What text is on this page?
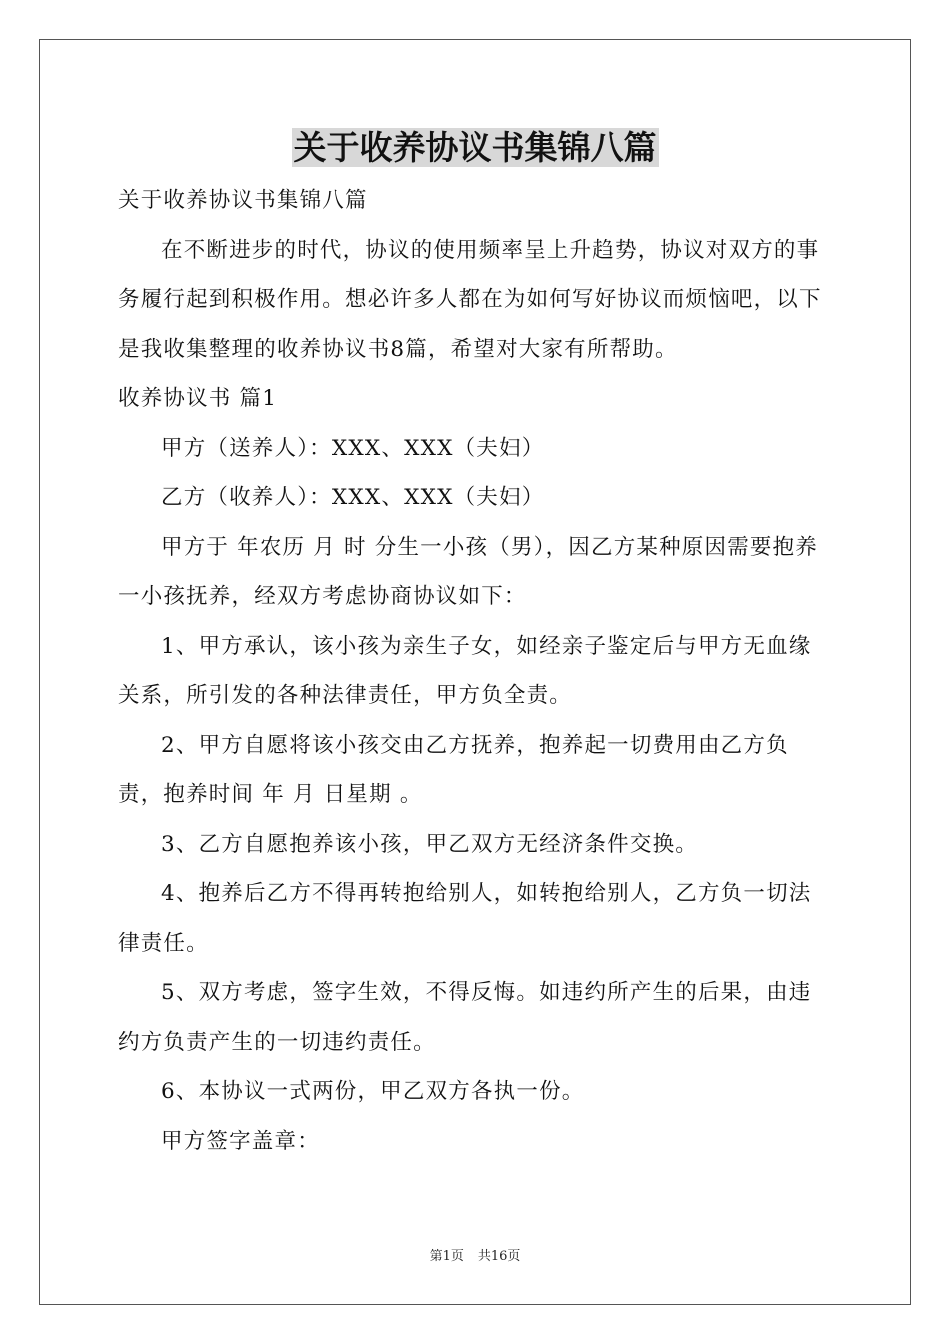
关于收养协议书集锦八篇

关于收养协议书集锦八篇

在不断进步的时代，协议的使用频率呈上升趋势，协议对双方的事务履行起到积极作用。想必许多人都在为如何写好协议而烦恼吧，以下是我收集整理的收养协议书8篇，希望对大家有所帮助。

收养协议书 篇1

甲方（送养人）：XXX、XXX（夫妇）

乙方（收养人）：XXX、XXX（夫妇）

甲方于 年农历 月 时 分生一小孩（男），因乙方某种原因需要抱养一小孩抚养，经双方考虑协商协议如下：

1、甲方承认，该小孩为亲生子女，如经亲子鉴定后与甲方无血缘关系，所引发的各种法律责任，甲方负全责。

2、甲方自愿将该小孩交由乙方抚养，抱养起一切费用由乙方负责，抱养时间 年 月 日星期 。

3、乙方自愿抱养该小孩，甲乙双方无经济条件交换。

4、抱养后乙方不得再转抱给别人，如转抱给别人，乙方负一切法律责任。

5、双方考虑，签字生效，不得反悔。如违约所产生的后果，由违约方负责产生的一切违约责任。

6、本协议一式两份，甲乙双方各执一份。

甲方签字盖章：

第1页 共16页
